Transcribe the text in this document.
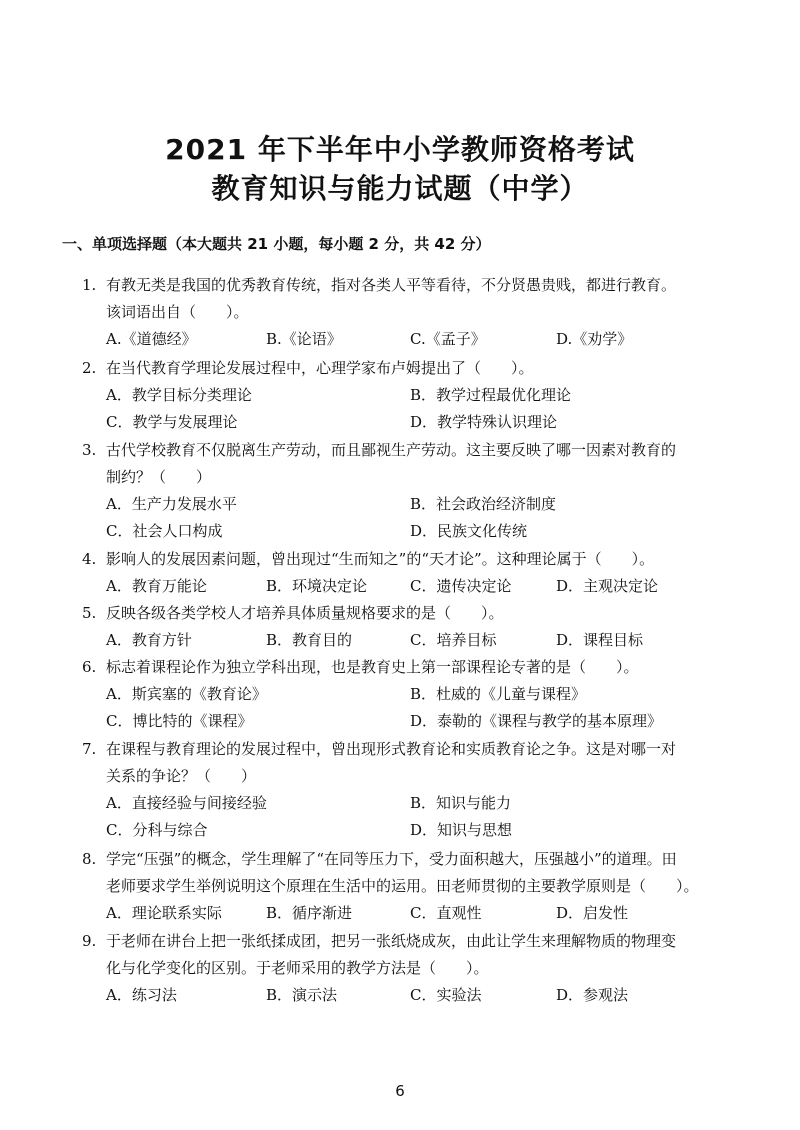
2021 年下半年中小学教师资格考试
教育知识与能力试题（中学）
一、单项选择题（本大题共 21 小题，每小题 2 分，共 42 分）
1. 有教无类是我国的优秀教育传统，指对各类人平等看待，不分贤愚贵贱，都进行教育。
该词语出自（　　）。
A.《道德经》	B.《论语》	C.《孟子》	D.《劝学》
2. 在当代教育学理论发展过程中，心理学家布卢姆提出了（　　）。
A．教学目标分类理论	B．教学过程最优化理论
C．教学与发展理论	D．教学特殊认识理论
3. 古代学校教育不仅脱离生产劳动，而且鄙视生产劳动。这主要反映了哪一因素对教育的
制约？（　　）
A．生产力发展水平	B．社会政治经济制度
C．社会人口构成	D．民族文化传统
4. 影响人的发展因素问题，曾出现过“生而知之”的“天才论”。这种理论属于（　　）。
A．教育万能论	B．环境决定论	C．遗传决定论	D．主观决定论
5. 反映各级各类学校人才培养具体质量规格要求的是（　　）。
A．教育方针	B．教育目的	C．培养目标	D．课程目标
6. 标志着课程论作为独立学科出现，也是教育史上第一部课程论专著的是（　　）。
A．斯宾塞的《教育论》	B．杜威的《儿童与课程》
C．博比特的《课程》	D．泰勒的《课程与教学的基本原理》
7. 在课程与教育理论的发展过程中，曾出现形式教育论和实质教育论之争。这是对哪一对
关系的争论？（　　）
A．直接经验与间接经验	B．知识与能力
C．分科与综合	D．知识与思想
8. 学完“压强”的概念，学生理解了“在同等压力下，受力面积越大，压强越小”的道理。田
老师要求学生举例说明这个原理在生活中的运用。田老师贯彻的主要教学原则是（　　）。
A．理论联系实际	B．循序渐进	C．直观性	D．启发性
9. 于老师在讲台上把一张纸揉成团，把另一张纸烧成灰，由此让学生来理解物质的物理变
化与化学变化的区别。于老师采用的教学方法是（　　）。
A．练习法	B．演示法	C．实验法	D．参观法
6
